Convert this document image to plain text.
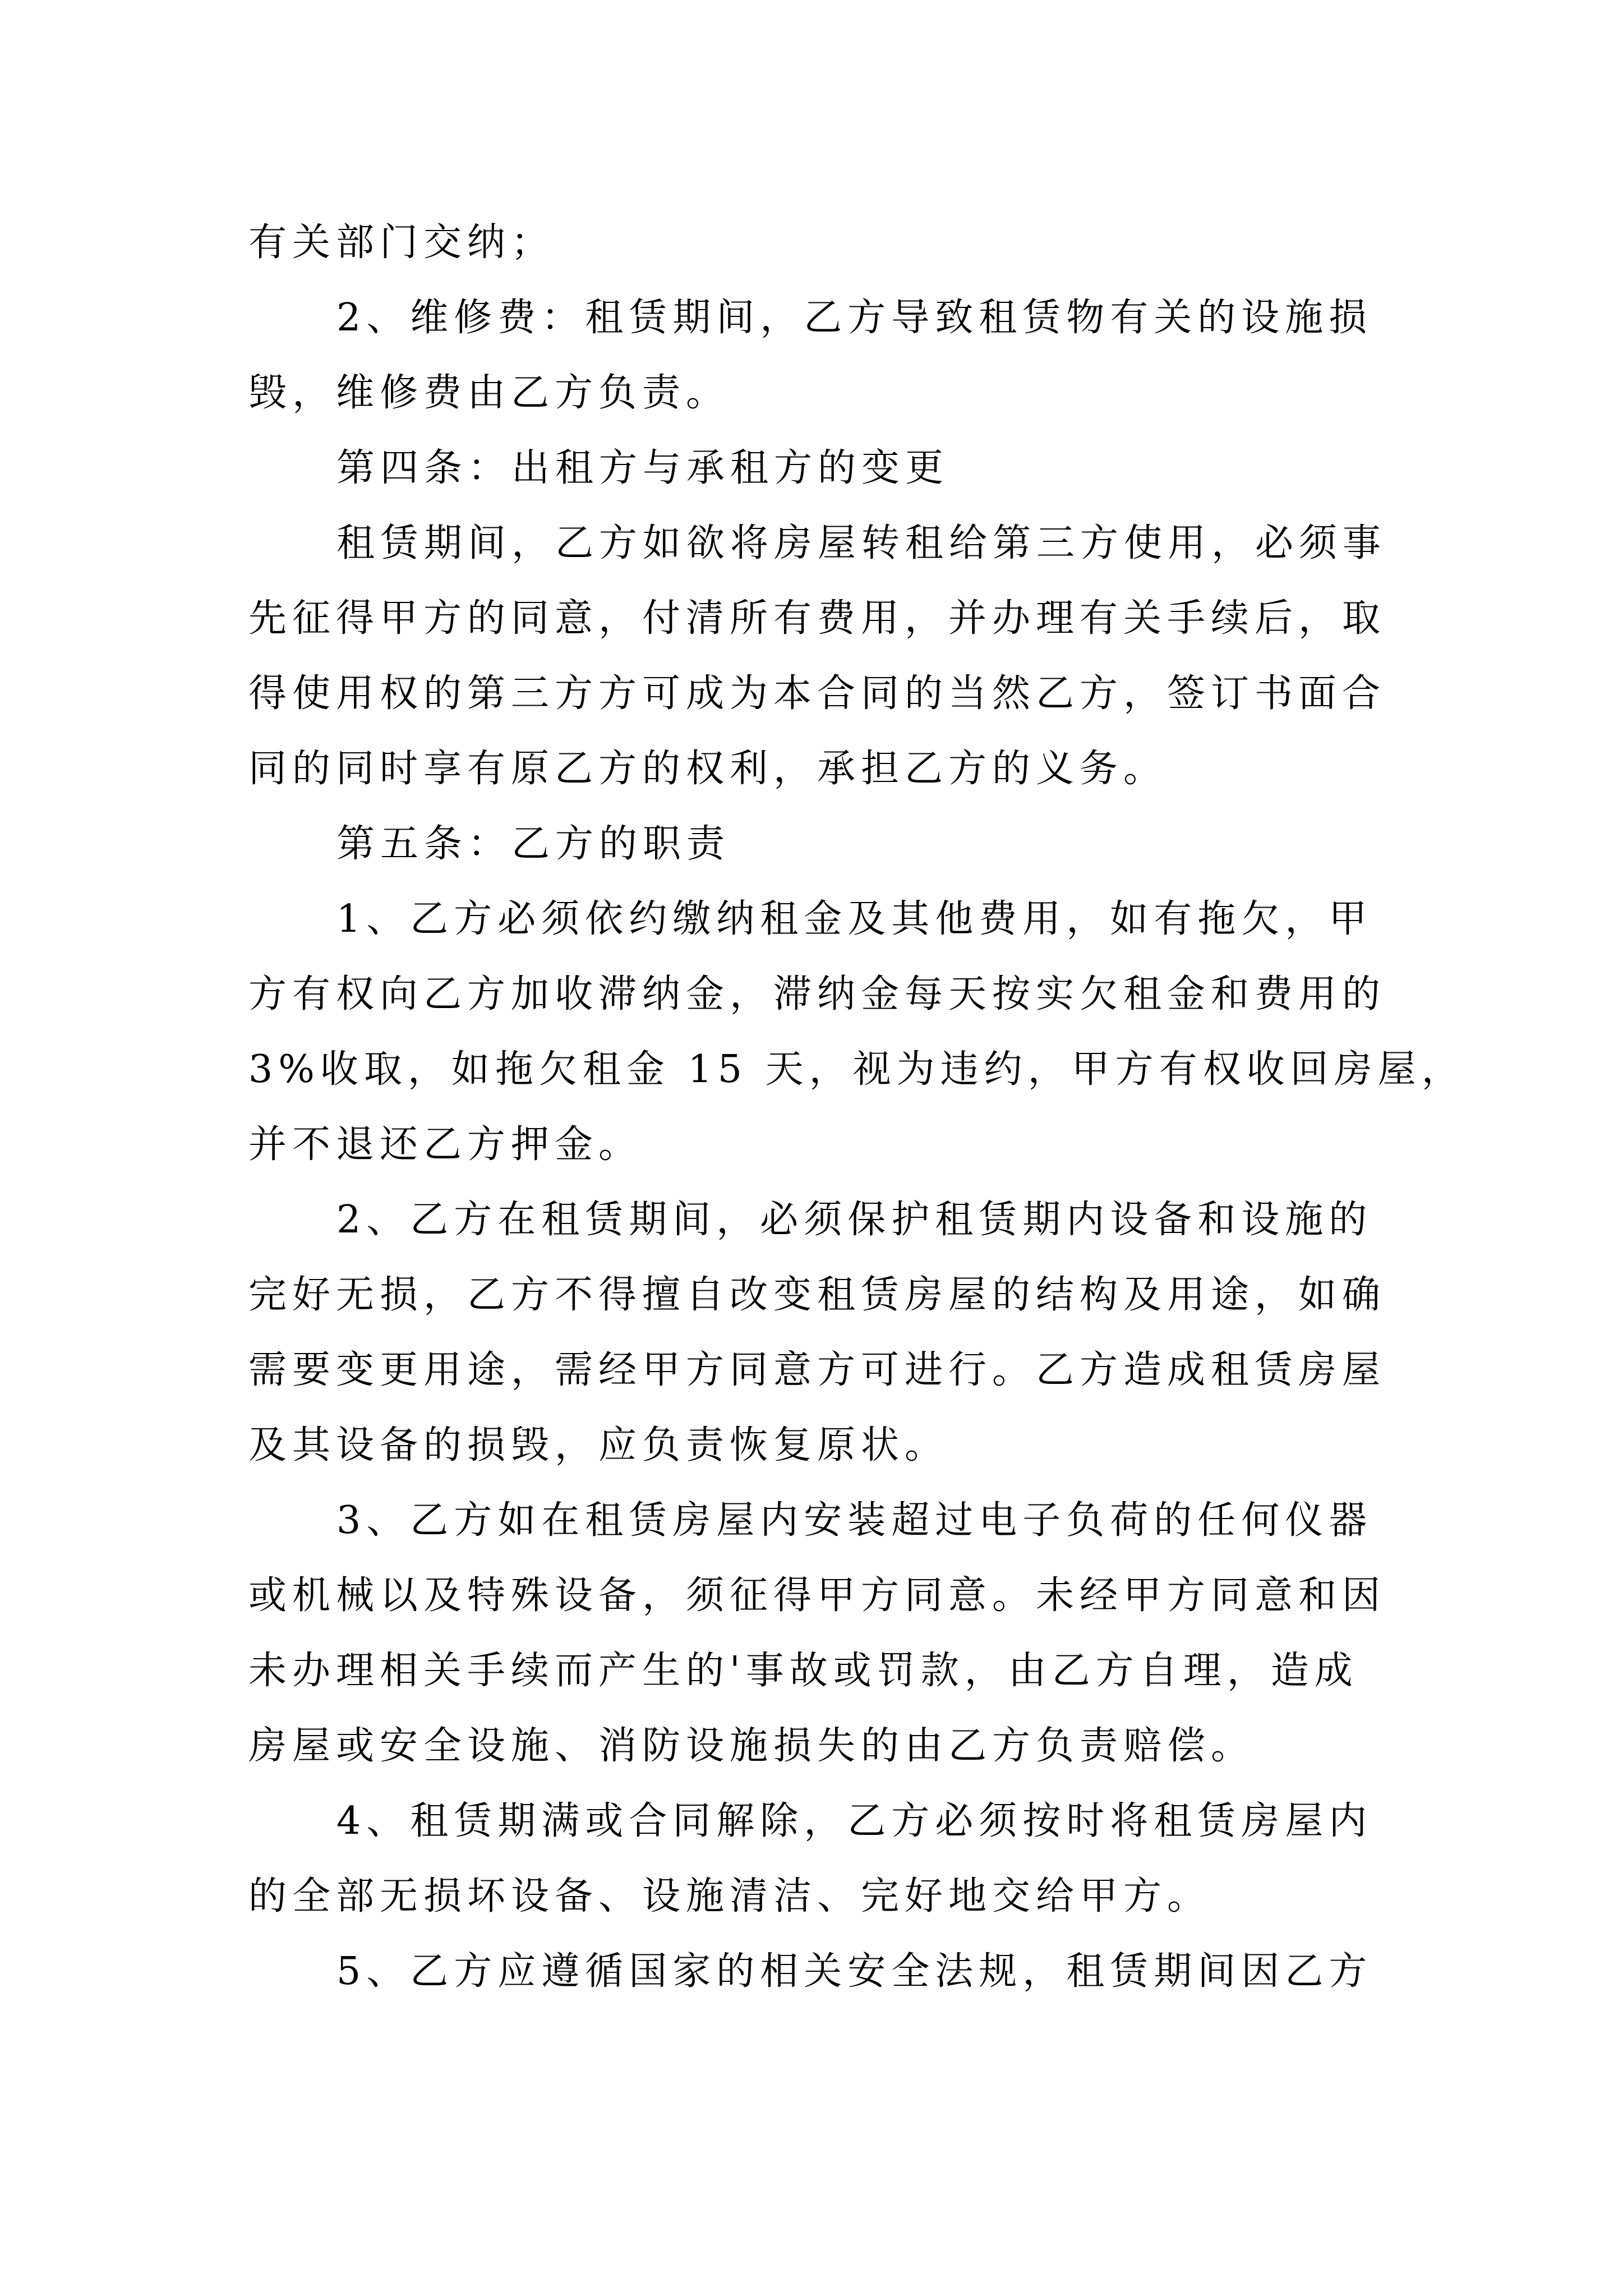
有关部门交纳；
2、维修费：租赁期间，乙方导致租赁物有关的设施损
毁，维修费由乙方负责。
第四条：出租方与承租方的变更
租赁期间，乙方如欲将房屋转租给第三方使用，必须事
先征得甲方的同意，付清所有费用，并办理有关手续后，取
得使用权的第三方方可成为本合同的当然乙方，签订书面合
同的同时享有原乙方的权利，承担乙方的义务。
第五条：乙方的职责
1、乙方必须依约缴纳租金及其他费用，如有拖欠，甲
方有权向乙方加收滞纳金，滞纳金每天按实欠租金和费用的
3%收取，如拖欠租金 15 天，视为违约，甲方有权收回房屋，
并不退还乙方押金。
2、乙方在租赁期间，必须保护租赁期内设备和设施的
完好无损，乙方不得擅自改变租赁房屋的结构及用途，如确
需要变更用途，需经甲方同意方可进行。乙方造成租赁房屋
及其设备的损毁，应负责恢复原状。
3、乙方如在租赁房屋内安装超过电子负荷的任何仪器
或机械以及特殊设备，须征得甲方同意。未经甲方同意和因
未办理相关手续而产生的'事故或罚款，由乙方自理，造成
房屋或安全设施、消防设施损失的由乙方负责赔偿。
4、租赁期满或合同解除，乙方必须按时将租赁房屋内
的全部无损坏设备、设施清洁、完好地交给甲方。
5、乙方应遵循国家的相关安全法规，租赁期间因乙方
